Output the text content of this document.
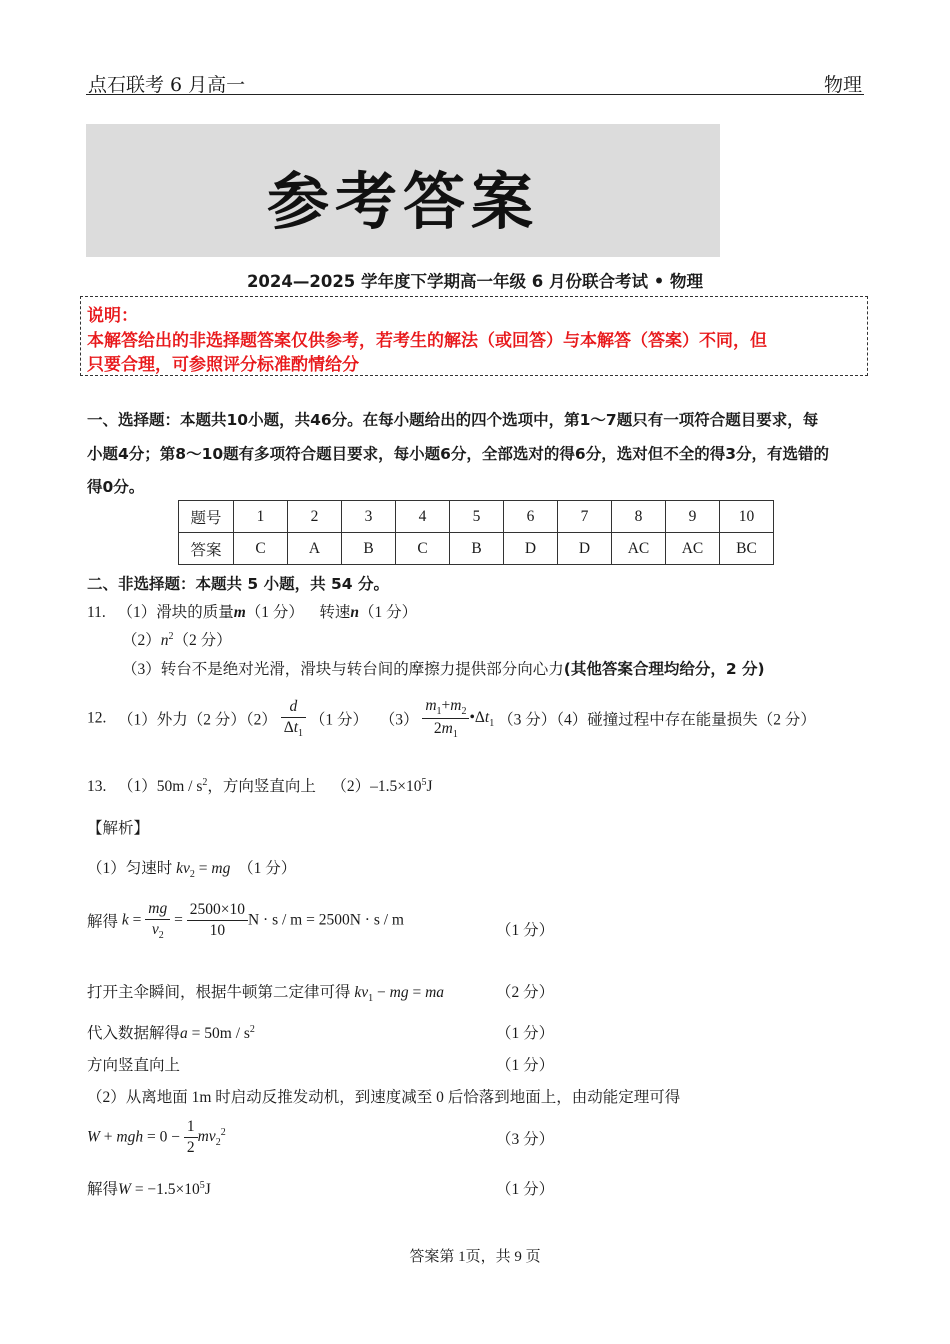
点石联考 6 月高一	物理
参考答案
2024—2025 学年度下学期高一年级 6 月份联合考试 • 物理
说明：
本解答给出的非选择题答案仅供参考，若考生的解法（或回答）与本解答（答案）不同，但
只要合理，可参照评分标准酌情给分
一、选择题：本题共10小题，共46分。在每小题给出的四个选项中，第1～7题只有一项符合题目要求，每
小题4分；第8～10题有多项符合题目要求，每小题6分，全部选对的得6分，选对但不全的得3分，有选错的
得0分。
题号	1	2	3	4	5	6	7	8	9	10
答案	C	A	B	C	B	D	D	AC	AC	BC
二、非选择题：本题共 5 小题，共 54 分。
11. （1）滑块的质量m（1 分） 转速n（1 分）
$(2)n^2(2$ 分）
（3）转台不是绝对光滑，滑块与转台间的摩擦力提供部分向心力(其他答案合理均给分，2 分)
12. （1）外力（2 分）$(2) \frac{d}{\Delta t_1} (1$ 分） $(3) \frac{m_1+m_2}{2m_1}$ $•\Delta t_1$ （3 分）（4）碰撞过程中存在能量损失（2 分）
13. $(1)50m / s^2$，方向竖直向上 $(2)-1.5\times 10^5J$
【解析】
（1）匀速时 $kv_2$ = mg （1 分）
解得 $k = \frac{mg}{v_2} = \frac{2500\times 10}{10}$ N · s / m = 2500N · s / m
（1 分）
打开主伞瞬间，根据牛顿第二定律可得 $kv_1$ − mg = ma	（2 分）
代入数据解得$a = 50m / s^2$	（1 分）
方向竖直向上	（1 分）
（2）从离地面 1m 时启动反推发动机，到速度减至 0 后恰落到地面上，由动能定理可得
W + mgh = $0 - \frac{1}{2} mv_2^2$	（3 分）
解得$W = -1.5\times 10^5J$	（1 分）
答案第 1页，共 9 页
